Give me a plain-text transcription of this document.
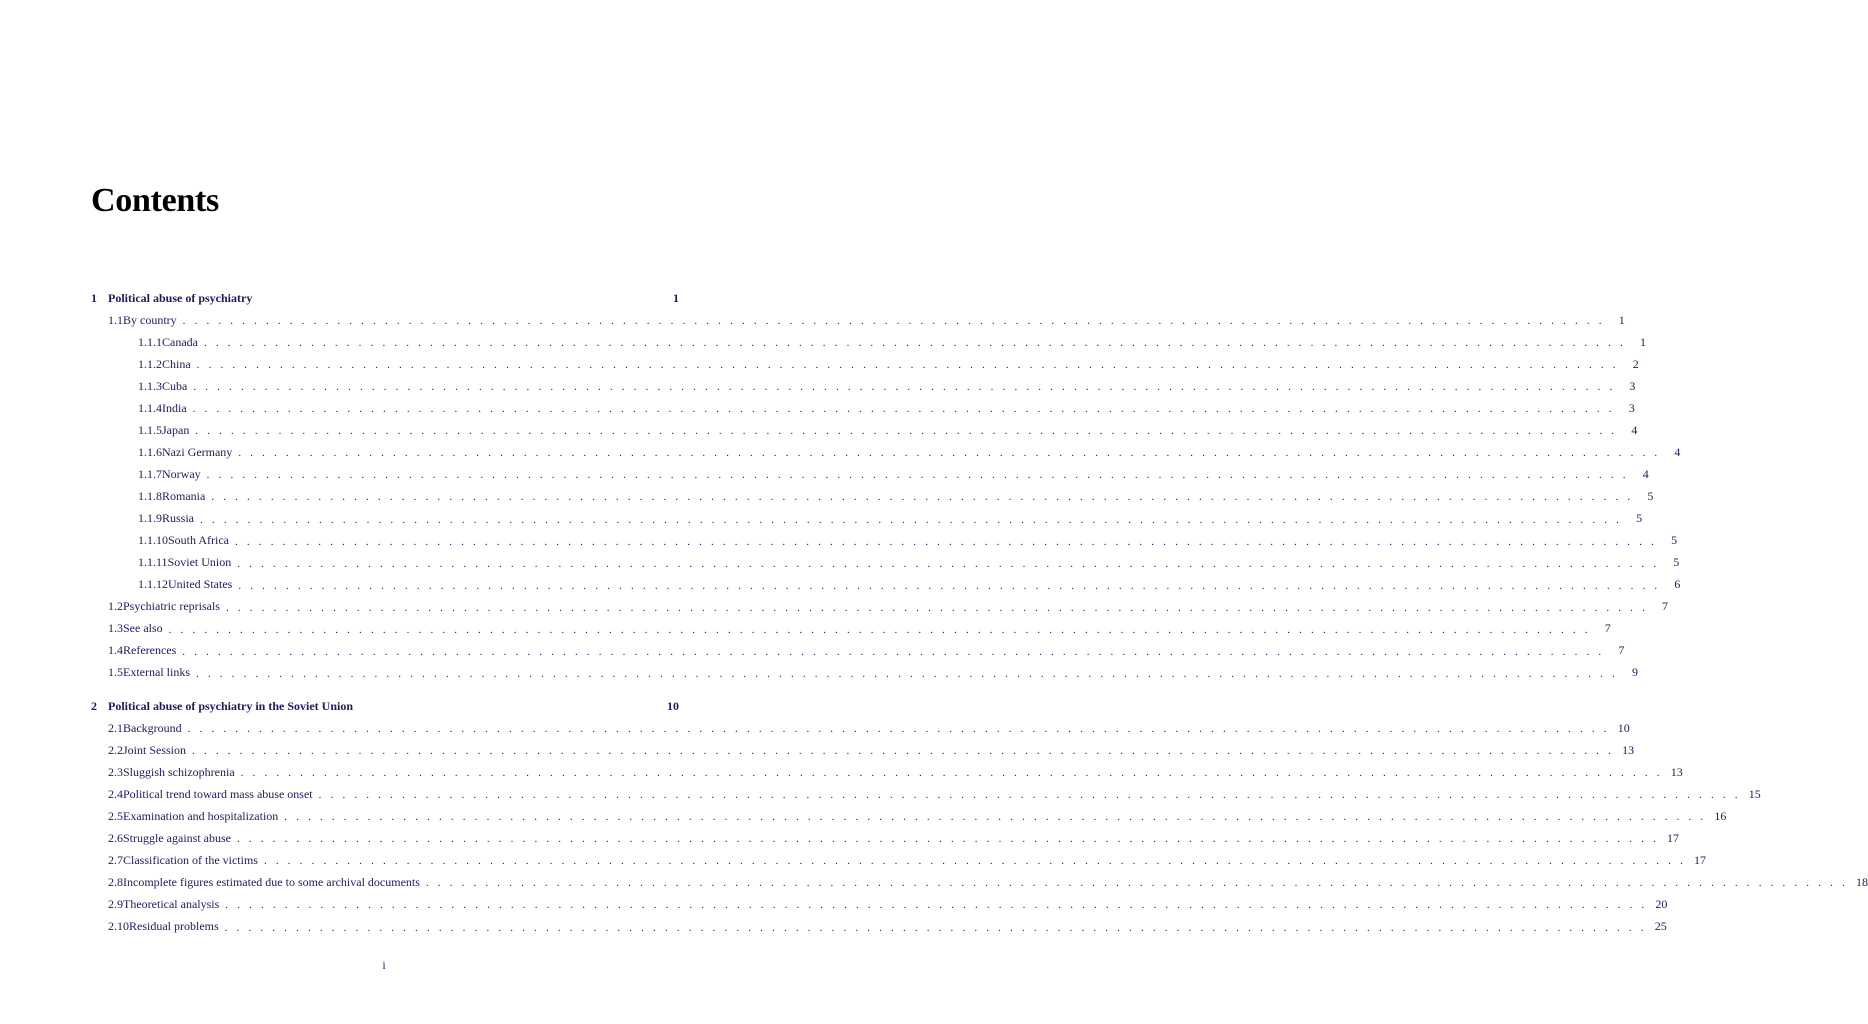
Contents
1 Political abuse of psychiatry	1
1.1 By country . . . . . . . . . . . . . . . . . . . . . . . . . . . . . . . . . . . . . . . . . . . . . . . . . . . . . . . . . . . . . . . . . . . . . . . . . . . . . . . . . . . . . . . . . . . . . . . . . . . . . . . . . . . . . . . . . . . . . . . .	1
1.1.1 Canada . . . . . . . . . . . . . . . . . . . . . . . . . . . . . . . . . . . . . . . . . . . . . . . . . . . . . . . . . . . . . . . . . . . . . . . . . . . . . . . . . . . . . . . . . . . . . . . . . . . . . . . . . . . . . . . . . . . . . . . .	1
1.1.2 China . . . . . . . . . . . . . . . . . . . . . . . . . . . . . . . . . . . . . . . . . . . . . . . . . . . . . . . . . . . . . . . . . . . . . . . . . . . . . . . . . . . . . . . . . . . . . . . . . . . . . . . . . . . . . . . . . . . . . . . .	2
1.1.3 Cuba . . . . . . . . . . . . . . . . . . . . . . . . . . . . . . . . . . . . . . . . . . . . . . . . . . . . . . . . . . . . . . . . . . . . . . . . . . . . . . . . . . . . . . . . . . . . . . . . . . . . . . . . . . . . . . . . . . . . . . . .	3
1.1.4 India . . . . . . . . . . . . . . . . . . . . . . . . . . . . . . . . . . . . . . . . . . . . . . . . . . . . . . . . . . . . . . . . . . . . . . . . . . . . . . . . . . . . . . . . . . . . . . . . . . . . . . . . . . . . . . . . . . . . . . . .	3
1.1.5 Japan . . . . . . . . . . . . . . . . . . . . . . . . . . . . . . . . . . . . . . . . . . . . . . . . . . . . . . . . . . . . . . . . . . . . . . . . . . . . . . . . . . . . . . . . . . . . . . . . . . . . . . . . . . . . . . . . . . . . . . . .	4
1.1.6 Nazi Germany . . . . . . . . . . . . . . . . . . . . . . . . . . . . . . . . . . . . . . . . . . . . . . . . . . . . . . . . . . . . . . . . . . . . . . . . . . . . . . . . . . . . . . . . . . . . . . . . . . . . . . . . . . . . . . . . . . . . . . . .	4
1.1.7 Norway . . . . . . . . . . . . . . . . . . . . . . . . . . . . . . . . . . . . . . . . . . . . . . . . . . . . . . . . . . . . . . . . . . . . . . . . . . . . . . . . . . . . . . . . . . . . . . . . . . . . . . . . . . . . . . . . . . . . . . . .	4
1.1.8 Romania . . . . . . . . . . . . . . . . . . . . . . . . . . . . . . . . . . . . . . . . . . . . . . . . . . . . . . . . . . . . . . . . . . . . . . . . . . . . . . . . . . . . . . . . . . . . . . . . . . . . . . . . . . . . . . . . . . . . . . . .	5
1.1.9 Russia . . . . . . . . . . . . . . . . . . . . . . . . . . . . . . . . . . . . . . . . . . . . . . . . . . . . . . . . . . . . . . . . . . . . . . . . . . . . . . . . . . . . . . . . . . . . . . . . . . . . . . . . . . . . . . . . . . . . . . . .	5
1.1.10 South Africa . . . . . . . . . . . . . . . . . . . . . . . . . . . . . . . . . . . . . . . . . . . . . . . . . . . . . . . . . . . . . . . . . . . . . . . . . . . . . . . . . . . . . . . . . . . . . . . . . . . . . . . . . . . . . . . . . . . . . . . .	5
1.1.11 Soviet Union . . . . . . . . . . . . . . . . . . . . . . . . . . . . . . . . . . . . . . . . . . . . . . . . . . . . . . . . . . . . . . . . . . . . . . . . . . . . . . . . . . . . . . . . . . . . . . . . . . . . . . . . . . . . . . . . . . . . . . . .	5
1.1.12 United States . . . . . . . . . . . . . . . . . . . . . . . . . . . . . . . . . . . . . . . . . . . . . . . . . . . . . . . . . . . . . . . . . . . . . . . . . . . . . . . . . . . . . . . . . . . . . . . . . . . . . . . . . . . . . . . . . . . . . . . .	6
1.2 Psychiatric reprisals . . . . . . . . . . . . . . . . . . . . . . . . . . . . . . . . . . . . . . . . . . . . . . . . . . . . . . . . . . . . . . . . . . . . . . . . . . . . . . . . . . . . . . . . . . . . . . . . . . . . . . . . . . . . . . . . . . . . . . . .	7
1.3 See also . . . . . . . . . . . . . . . . . . . . . . . . . . . . . . . . . . . . . . . . . . . . . . . . . . . . . . . . . . . . . . . . . . . . . . . . . . . . . . . . . . . . . . . . . . . . . . . . . . . . . . . . . . . . . . . . . . . . . . . .	7
1.4 References . . . . . . . . . . . . . . . . . . . . . . . . . . . . . . . . . . . . . . . . . . . . . . . . . . . . . . . . . . . . . . . . . . . . . . . . . . . . . . . . . . . . . . . . . . . . . . . . . . . . . . . . . . . . . . . . . . . . . . . .	7
1.5 External links . . . . . . . . . . . . . . . . . . . . . . . . . . . . . . . . . . . . . . . . . . . . . . . . . . . . . . . . . . . . . . . . . . . . . . . . . . . . . . . . . . . . . . . . . . . . . . . . . . . . . . . . . . . . . . . . . . . . . . . .	9
2 Political abuse of psychiatry in the Soviet Union	10
2.1 Background . . . . . . . . . . . . . . . . . . . . . . . . . . . . . . . . . . . . . . . . . . . . . . . . . . . . . . . . . . . . . . . . . . . . . . . . . . . . . . . . . . . . . . . . . . . . . . . . . . . . . . . . . . . . . . . . . . . . . . . . 10
2.2 Joint Session . . . . . . . . . . . . . . . . . . . . . . . . . . . . . . . . . . . . . . . . . . . . . . . . . . . . . . . . . . . . . . . . . . . . . . . . . . . . . . . . . . . . . . . . . . . . . . . . . . . . . . . . . . . . . . . . . . . . . . . . 13
2.3 Sluggish schizophrenia . . . . . . . . . . . . . . . . . . . . . . . . . . . . . . . . . . . . . . . . . . . . . . . . . . . . . . . . . . . . . . . . . . . . . . . . . . . . . . . . . . . . . . . . . . . . . . . . . . . . . . . . . . . . . . . . . . . . . . . . 13
2.4 Political trend toward mass abuse onset . . . . . . . . . . . . . . . . . . . . . . . . . . . . . . . . . . . . . . . . . . . . . . . . . . . . . . . . . . . . . . . . . . . . . . . . . . . . . . . . . . . . . . . . . . . . . . . . . . . . . . . . . . . . . . . . . . . . . . . . 15
2.5 Examination and hospitalization . . . . . . . . . . . . . . . . . . . . . . . . . . . . . . . . . . . . . . . . . . . . . . . . . . . . . . . . . . . . . . . . . . . . . . . . . . . . . . . . . . . . . . . . . . . . . . . . . . . . . . . . . . . . . . . . . . . . . . . . 16
2.6 Struggle against abuse . . . . . . . . . . . . . . . . . . . . . . . . . . . . . . . . . . . . . . . . . . . . . . . . . . . . . . . . . . . . . . . . . . . . . . . . . . . . . . . . . . . . . . . . . . . . . . . . . . . . . . . . . . . . . . . . . . . . . . . . 17
2.7 Classification of the victims . . . . . . . . . . . . . . . . . . . . . . . . . . . . . . . . . . . . . . . . . . . . . . . . . . . . . . . . . . . . . . . . . . . . . . . . . . . . . . . . . . . . . . . . . . . . . . . . . . . . . . . . . . . . . . . . . . . . . . . . 17
2.8 Incomplete figures estimated due to some archival documents . . . . . . . . . . . . . . . . . . . . . . . . . . . . . . . . . . . . . . . . . . . . . . . . . . . . . . . . . . . . . . . . . . . . . . . . . . . . . . . . . . . . . . . . . . . . . . . . . . . . . . . . . . . . . . . . . . . . . . . . 18
2.9 Theoretical analysis . . . . . . . . . . . . . . . . . . . . . . . . . . . . . . . . . . . . . . . . . . . . . . . . . . . . . . . . . . . . . . . . . . . . . . . . . . . . . . . . . . . . . . . . . . . . . . . . . . . . . . . . . . . . . . . . . . . . . . . . 20
2.10 Residual problems . . . . . . . . . . . . . . . . . . . . . . . . . . . . . . . . . . . . . . . . . . . . . . . . . . . . . . . . . . . . . . . . . . . . . . . . . . . . . . . . . . . . . . . . . . . . . . . . . . . . . . . . . . . . . . . . . . . . . . . . 25
i
